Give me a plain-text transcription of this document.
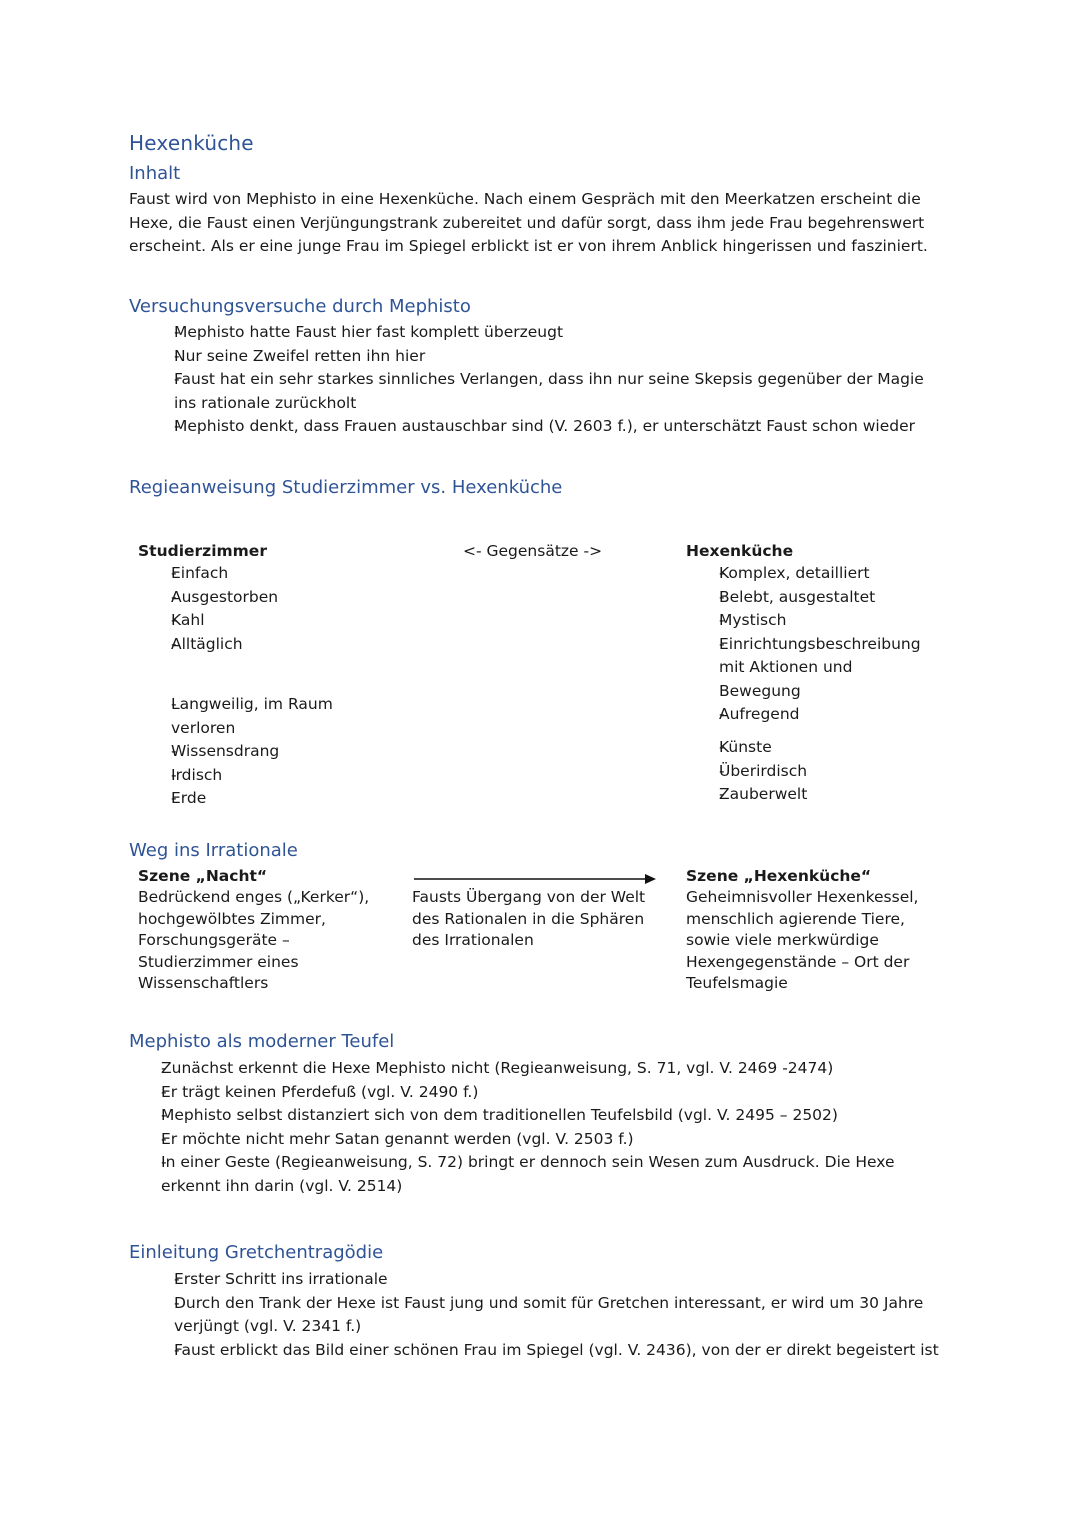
Hexenküche
Inhalt
Faust wird von Mephisto in eine Hexenküche. Nach einem Gespräch mit den Meerkatzen erscheint die Hexe, die Faust einen Verjüngungstrank zubereitet und dafür sorgt, dass ihm jede Frau begehrenswert erscheint. Als er eine junge Frau im Spiegel erblickt ist er von ihrem Anblick hingerissen und fasziniert.
Versuchungsversuche durch Mephisto
- Mephisto hatte Faust hier fast komplett überzeugt
- Nur seine Zweifel retten ihn hier
- Faust hat ein sehr starkes sinnliches Verlangen, dass ihn nur seine Skepsis gegenüber der Magie ins rationale zurückholt
- Mephisto denkt, dass Frauen austauschbar sind (V. 2603 f.), er unterschätzt Faust schon wieder
Regieanweisung Studierzimmer vs. Hexenküche
Studierzimmer	<- Gegensätze ->	Hexenküche
- Einfach
- Ausgestorben
- Kahl
- Alltäglich
- Langweilig, im Raum verloren
- Wissensdrang
- Irdisch
- Erde
- Komplex, detailliert
- Belebt, ausgestaltet
- Mystisch
- Einrichtungsbeschreibung mit Aktionen und Bewegung
- Aufregend
- Künste
- Überirdisch
- Zauberwelt
Weg ins Irrationale
Szene „Nacht“
Bedrückend enges („Kerker“), hochgewölbtes Zimmer, Forschungsgeräte – Studierzimmer eines Wissenschaftlers
Fausts Übergang von der Welt des Rationalen in die Sphären des Irrationalen
Szene „Hexenküche“
Geheimnisvoller Hexenkessel, menschlich agierende Tiere, sowie viele merkwürdige Hexengegenstände – Ort der Teufelsmagie
Mephisto als moderner Teufel
- Zunächst erkennt die Hexe Mephisto nicht (Regieanweisung, S. 71, vgl. V. 2469 -2474)
- Er trägt keinen Pferdefuß (vgl. V. 2490 f.)
- Mephisto selbst distanziert sich von dem traditionellen Teufelsbild (vgl. V. 2495 – 2502)
- Er möchte nicht mehr Satan genannt werden (vgl. V. 2503 f.)
- In einer Geste (Regieanweisung, S. 72) bringt er dennoch sein Wesen zum Ausdruck. Die Hexe erkennt ihn darin (vgl. V. 2514)
Einleitung Gretchentragödie
- Erster Schritt ins irrationale
- Durch den Trank der Hexe ist Faust jung und somit für Gretchen interessant, er wird um 30 Jahre verjüngt (vgl. V. 2341 f.)
- Faust erblickt das Bild einer schönen Frau im Spiegel (vgl. V. 2436), von der er direkt begeistert ist
